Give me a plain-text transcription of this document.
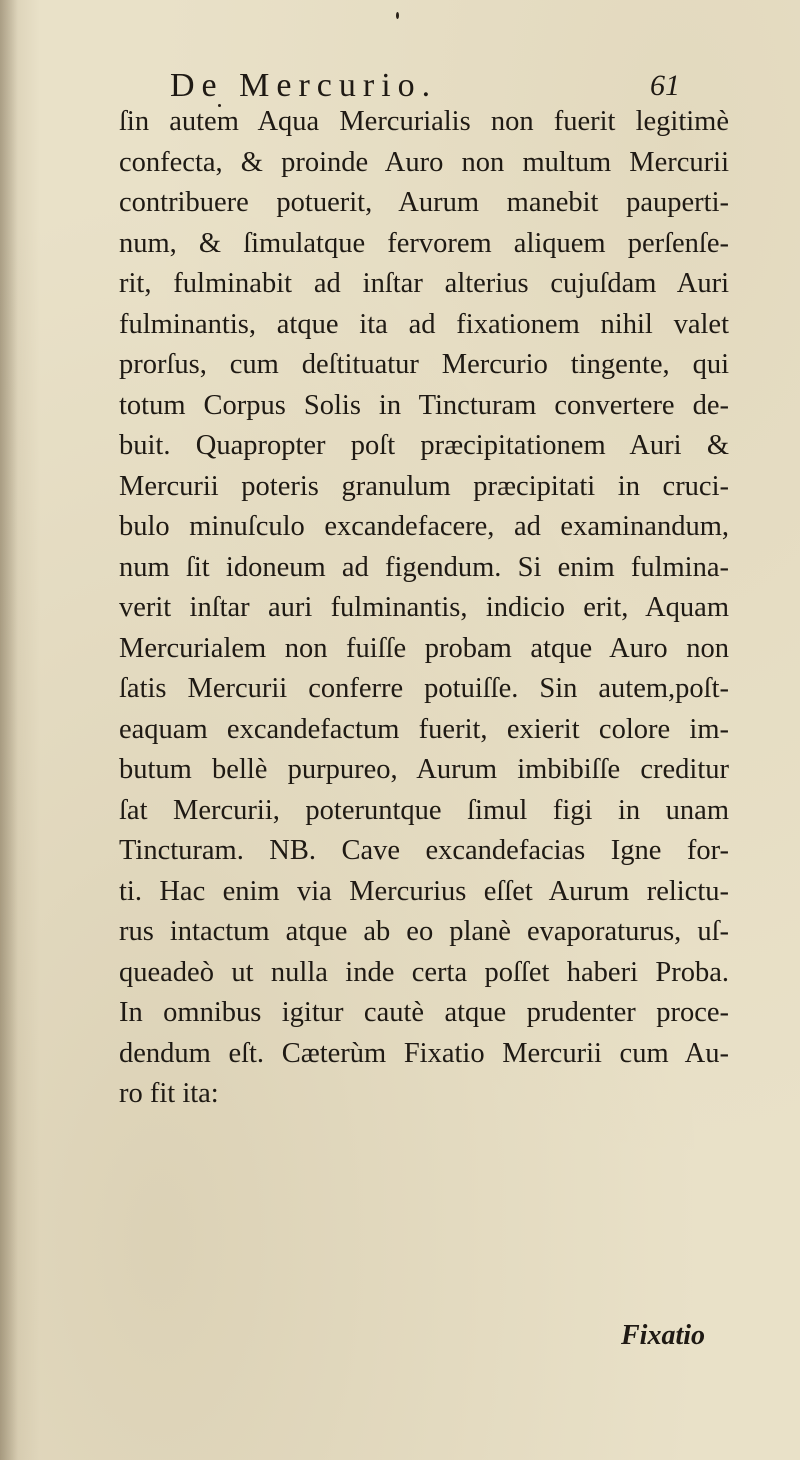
De Mercurio.	61
ſin autem Aqua Mercurialis non fuerit legitimè
confecta, & proinde Auro non multum Mercurii
contribuere potuerit, Aurum manebit pauperti-
num, & ſimulatque fervorem aliquem perſenſe-
rit, fulminabit ad inſtar alterius cujuſdam Auri
fulminantis, atque ita ad fixationem nihil valet
prorſus, cum deſtituatur Mercurio tingente, qui
totum Corpus Solis in Tincturam convertere de-
buit. Quapropter poſt præcipitationem Auri &
Mercurii poteris granulum præcipitati in cruci-
bulo minuſculo excandefacere, ad examinandum,
num ſit idoneum ad figendum. Si enim fulmina-
verit inſtar auri fulminantis, indicio erit, Aquam
Mercurialem non fuiſſe probam atque Auro non
ſatis Mercurii conferre potuiſſe. Sin autem,poſt-
eaquam excandefactum fuerit, exierit colore im-
butum bellè purpureo, Aurum imbibiſſe creditur
ſat Mercurii, poteruntque ſimul figi in unam
Tincturam. NB. Cave excandefacias Igne for-
ti. Hac enim via Mercurius eſſet Aurum relictu-
rus intactum atque ab eo planè evaporaturus, uſ-
queadeò ut nulla inde certa poſſet haberi Proba.
In omnibus igitur cautè atque prudenter proce-
dendum eſt. Cæterùm Fixatio Mercurii cum Au-
ro fit ita:
Fixatio
